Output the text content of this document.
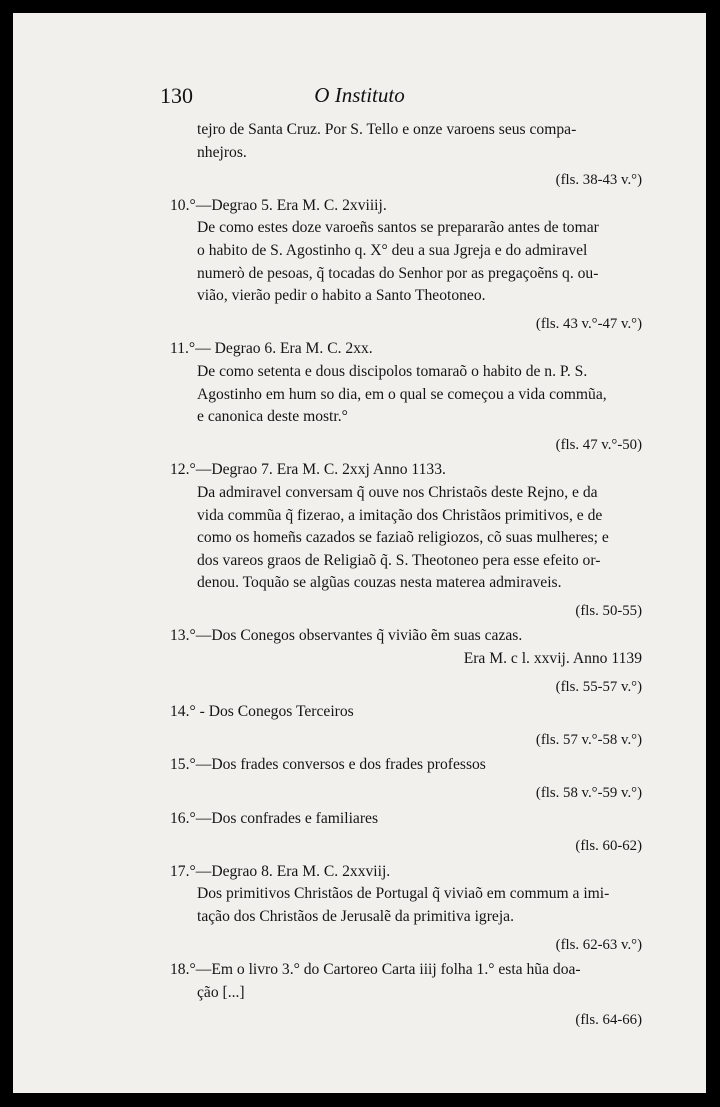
130	O Instituto

tejro de Santa Cruz. Por S. Tello e onze varoens seus compa-

nhejros.

(fls. 38-43 v.°)

10.°—Degrao 5. Era M. C. 2xviiij.

De como estes doze varoeñs santos se prepararão antes de tomar

o habito de S. Agostinho q. X° deu a sua Jgreja e do admiravel

numerò de pesoas, q̃ tocadas do Senhor por as pregaçoẽns q. ou-

vião, vierão pedir o habito a Santo Theotoneo.

(fls. 43 v.°-47 v.°)

11.°— Degrao 6. Era M. C. 2xx.

De como setenta e dous discipolos tomaraõ o habito de n. P. S.

Agostinho em hum so dia, em o qual se começou a vida commũa,

e canonica deste mostr.°

(fls. 47 v.°-50)

12.°—Degrao 7. Era M. C. 2xxj Anno 1133.

Da admiravel conversam q̃ ouve nos Christaõs deste Rejno, e da

vida commũa q̃ fizerao, a imitação dos Christãos primitivos, e de

como os homeñs cazados se faziaõ religiozos, cõ suas mulheres; e

dos vareos graos de Religiaõ q̃. S. Theotoneo pera esse efeito or-

denou. Toquão se algũas couzas nesta materea admiraveis.

(fls. 50-55)

13.°—Dos Conegos observantes q̃ vivião ẽm suas cazas.

Era M. c l. xxvij. Anno 1139

(fls. 55-57 v.°)

14.° - Dos Conegos Terceiros

(fls. 57 v.°-58 v.°)

15.°—Dos frades conversos e dos frades professos

(fls. 58 v.°-59 v.°)

16.°—Dos confrades e familiares

(fls. 60-62)

17.°—Degrao 8. Era M. C. 2xxviij.

Dos primitivos Christãos de Portugal q̃ viviaõ em commum a imi-

tação dos Christãos de Jerusalẽ da primitiva igreja.

(fls. 62-63 v.°)

18.°—Em o livro 3.° do Cartoreo Carta iiij folha 1.° esta hũa doa-

ção [...]

(fls. 64-66)
